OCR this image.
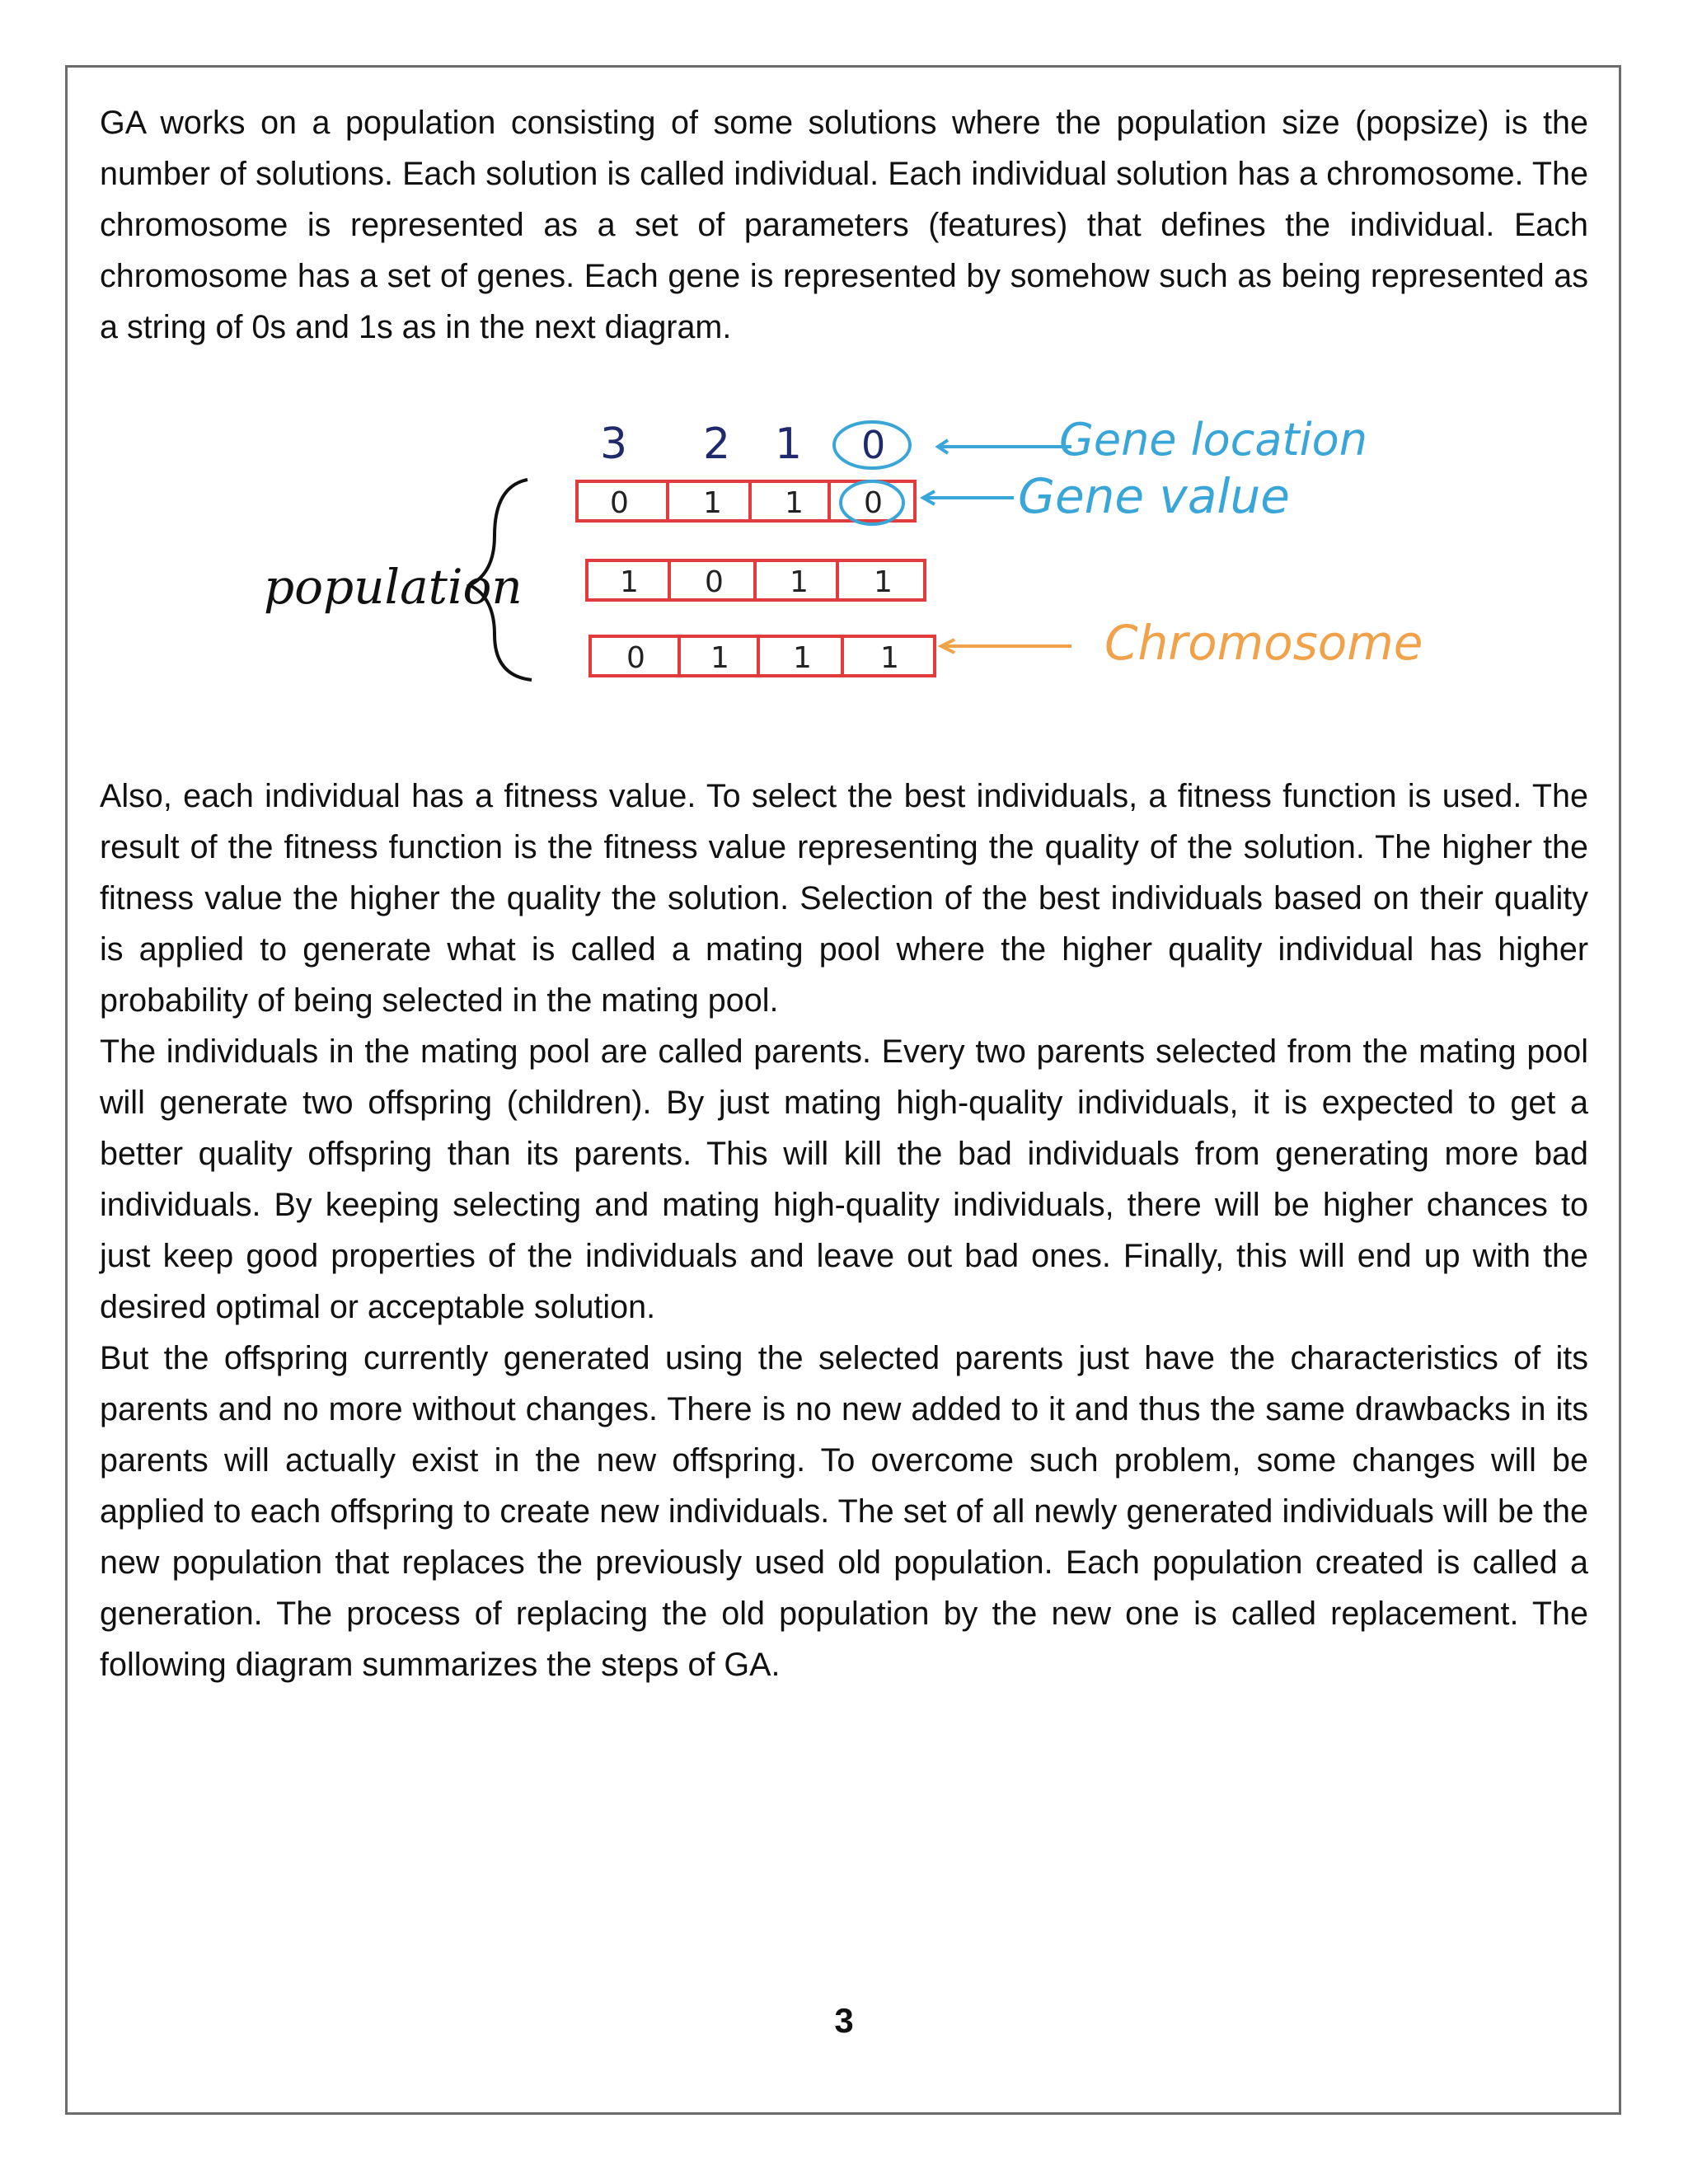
GA works on a population consisting of some solutions where the population size (popsize) is the number of solutions. Each solution is called individual. Each individual solution has a chromosome. The chromosome is represented as a set of parameters (features) that defines the individual. Each chromosome has a set of genes. Each gene is represented by somehow such as being represented as a string of 0s and 1s as in the next diagram.

3 2 1 0	Gene location
0	1 1 0	Gene value
1 0 1 1
0 1 1 1	Chromosome
population

Also, each individual has a fitness value. To select the best individuals, a fitness function is used. The result of the fitness function is the fitness value representing the quality of the solution. The higher the fitness value the higher the quality the solution. Selection of the best individuals based on their quality is applied to generate what is called a mating pool where the higher quality individual has higher probability of being selected in the mating pool.

The individuals in the mating pool are called parents. Every two parents selected from the mating pool will generate two offspring (children). By just mating high-quality individuals, it is expected to get a better quality offspring than its parents. This will kill the bad individuals from generating more bad individuals. By keeping selecting and mating high-quality individuals, there will be higher chances to just keep good properties of the individuals and leave out bad ones. Finally, this will end up with the desired optimal or acceptable solution.

But the offspring currently generated using the selected parents just have the characteristics of its parents and no more without changes. There is no new added to it and thus the same drawbacks in its parents will actually exist in the new offspring. To overcome such problem, some changes will be applied to each offspring to create new individuals. The set of all newly generated individuals will be the new population that replaces the previously used old population. Each population created is called a generation. The process of replacing the old population by the new one is called replacement. The following diagram summarizes the steps of GA.

3
